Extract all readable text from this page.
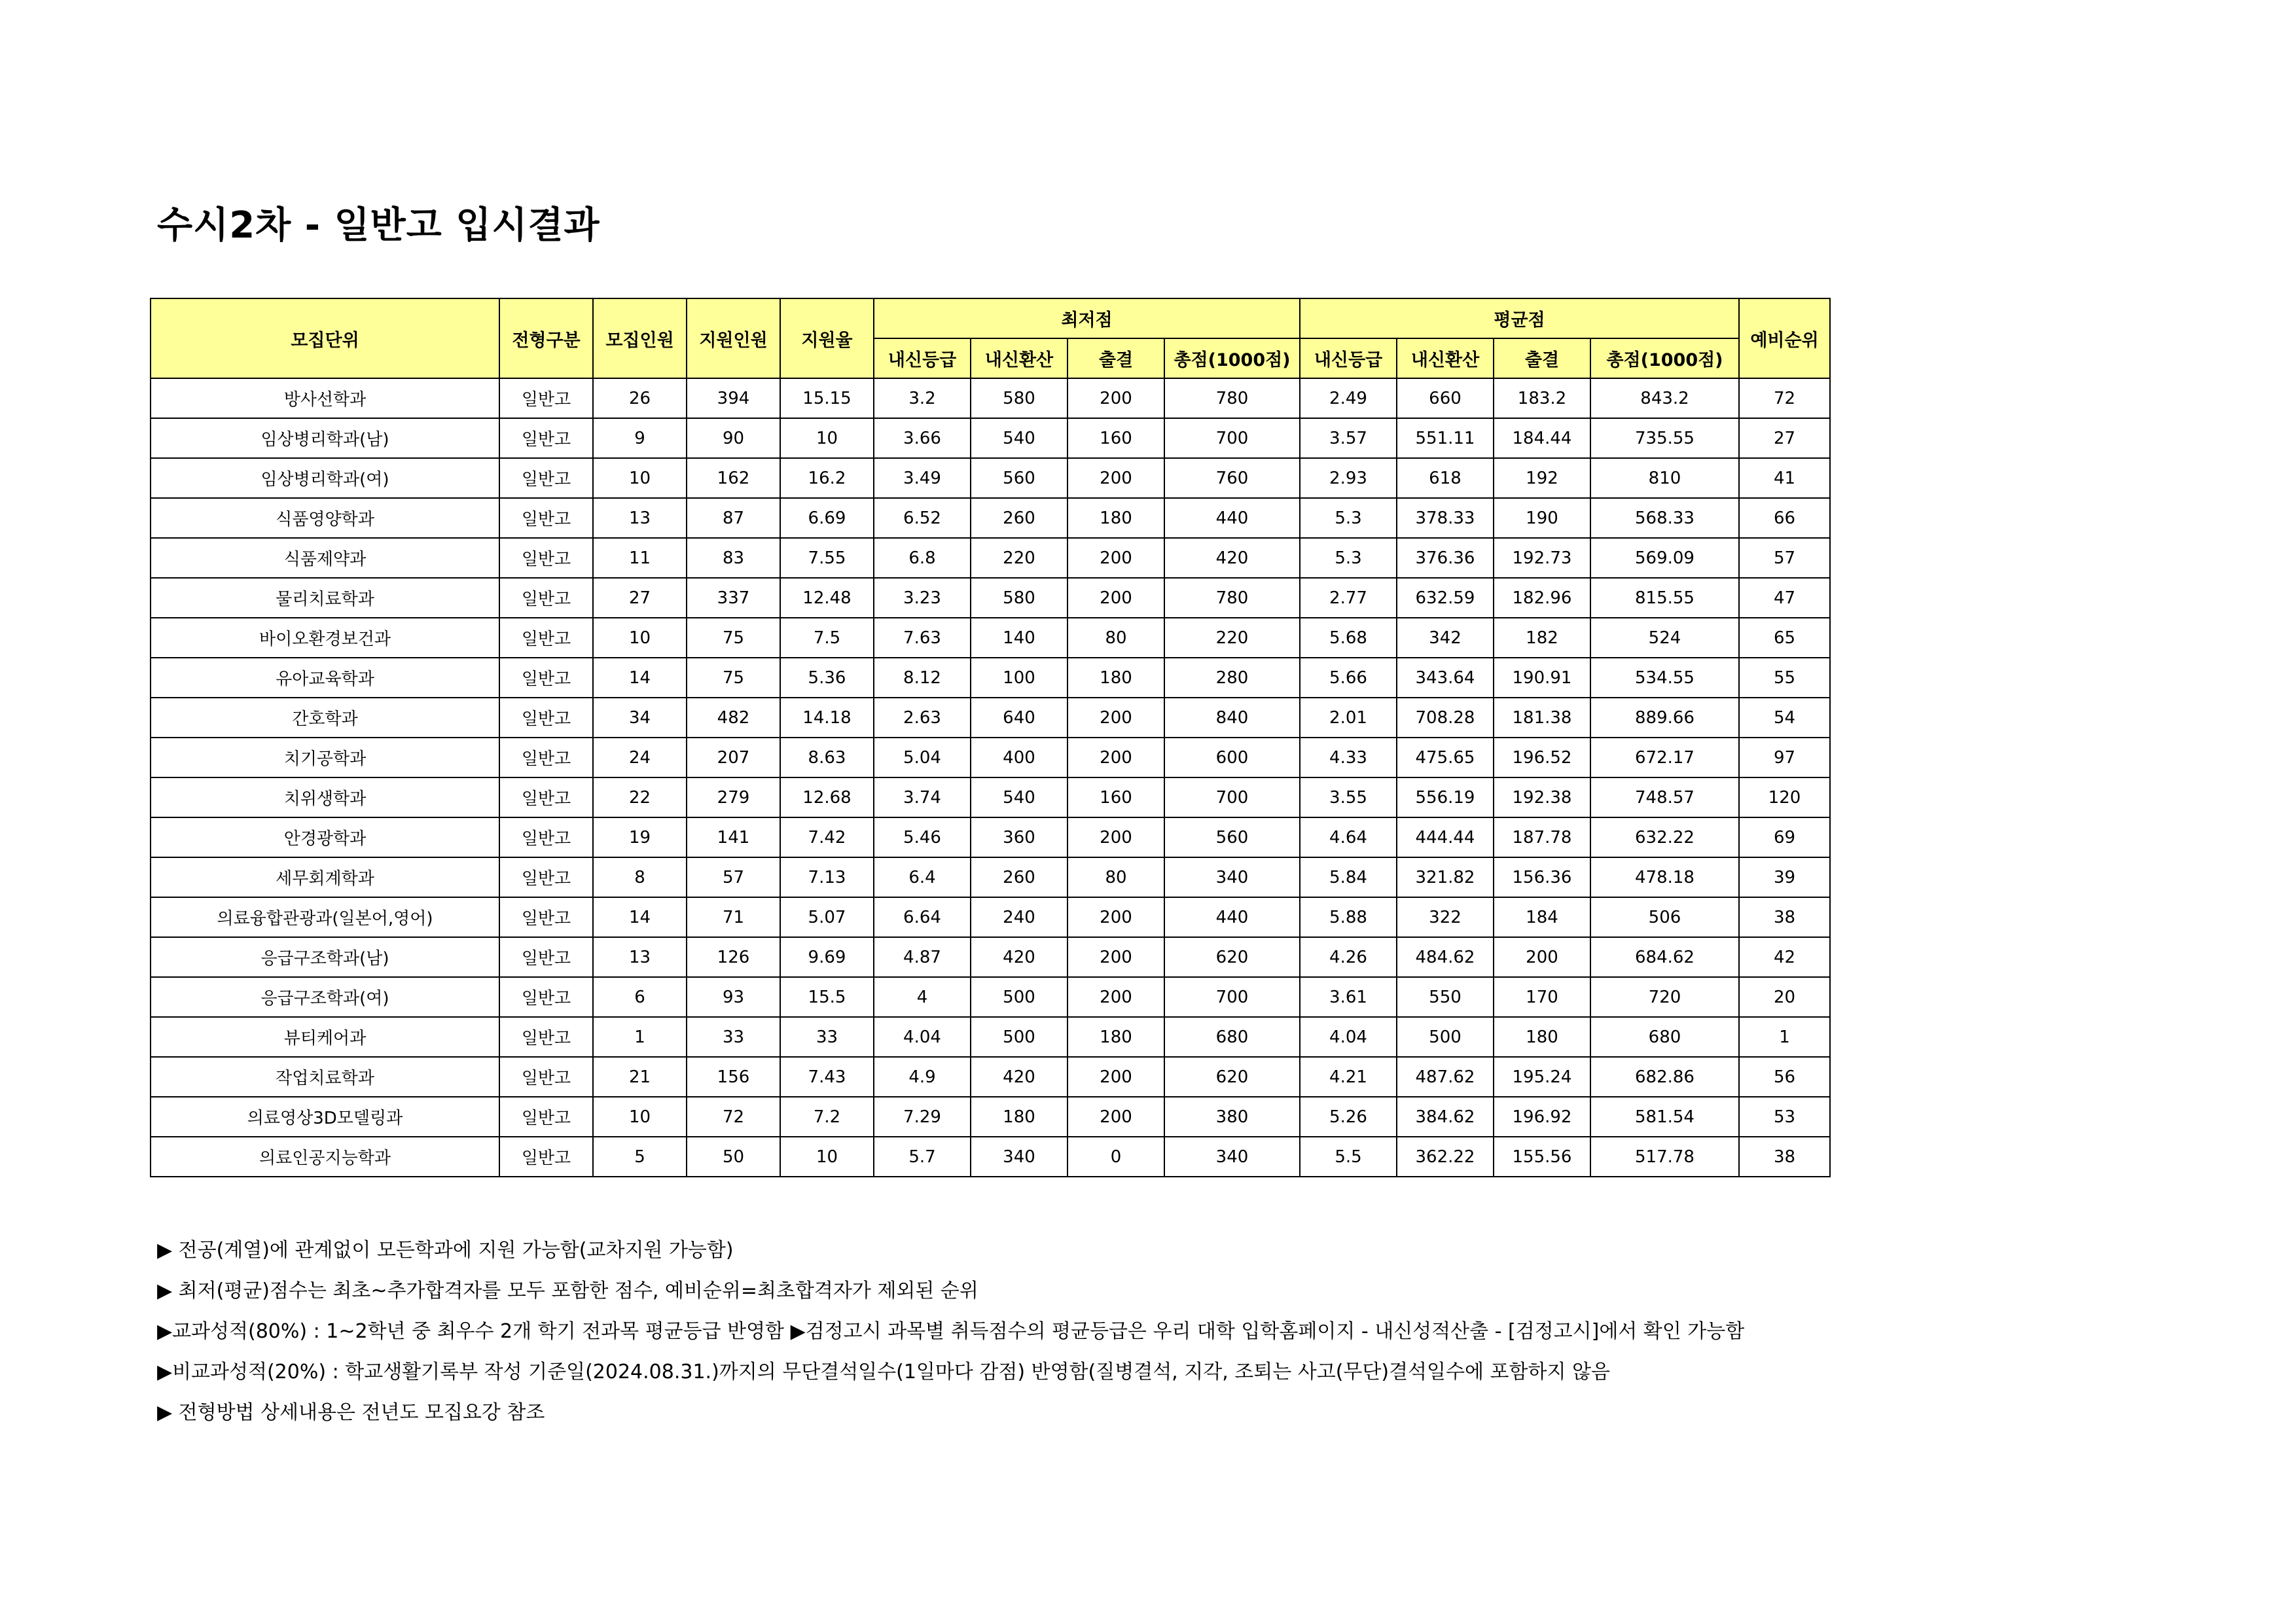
수시2차 - 일반고 입시결과
모집단위	전형구분	모집인원	지원인원	지원율	최저점				평균점				예비순위
					내신등급	내신환산	출결	총점(1000점)	내신등급	내신환산	출결	총점(1000점)	
방사선학과	일반고	26	394	15.15	3.2	580	200	780	2.49	660	183.2	843.2	72
임상병리학과(남)	일반고	9	90	10	3.66	540	160	700	3.57	551.11	184.44	735.55	27
임상병리학과(여)	일반고	10	162	16.2	3.49	560	200	760	2.93	618	192	810	41
식품영양학과	일반고	13	87	6.69	6.52	260	180	440	5.3	378.33	190	568.33	66
식품제약과	일반고	11	83	7.55	6.8	220	200	420	5.3	376.36	192.73	569.09	57
물리치료학과	일반고	27	337	12.48	3.23	580	200	780	2.77	632.59	182.96	815.55	47
바이오환경보건과	일반고	10	75	7.5	7.63	140	80	220	5.68	342	182	524	65
유아교육학과	일반고	14	75	5.36	8.12	100	180	280	5.66	343.64	190.91	534.55	55
간호학과	일반고	34	482	14.18	2.63	640	200	840	2.01	708.28	181.38	889.66	54
치기공학과	일반고	24	207	8.63	5.04	400	200	600	4.33	475.65	196.52	672.17	97
치위생학과	일반고	22	279	12.68	3.74	540	160	700	3.55	556.19	192.38	748.57	120
안경광학과	일반고	19	141	7.42	5.46	360	200	560	4.64	444.44	187.78	632.22	69
세무회계학과	일반고	8	57	7.13	6.4	260	80	340	5.84	321.82	156.36	478.18	39
의료융합관광과(일본어,영어)	일반고	14	71	5.07	6.64	240	200	440	5.88	322	184	506	38
응급구조학과(남)	일반고	13	126	9.69	4.87	420	200	620	4.26	484.62	200	684.62	42
응급구조학과(여)	일반고	6	93	15.5	4	500	200	700	3.61	550	170	720	20
뷰티케어과	일반고	1	33	33	4.04	500	180	680	4.04	500	180	680	1
작업치료학과	일반고	21	156	7.43	4.9	420	200	620	4.21	487.62	195.24	682.86	56
의료영상3D모델링과	일반고	10	72	7.2	7.29	180	200	380	5.26	384.62	196.92	581.54	53
의료인공지능학과	일반고	5	50	10	5.7	340	0	340	5.5	362.22	155.56	517.78	38
▶ 전공(계열)에 관계없이 모든학과에 지원 가능함(교차지원 가능함)
▶ 최저(평균)점수는 최초~추가합격자를 모두 포함한 점수, 예비순위=최초합격자가 제외된 순위
▶교과성적(80%) : 1~2학년 중 최우수 2개 학기 전과목 평균등급 반영함 ▶검정고시 과목별 취득점수의 평균등급은 우리 대학 입학홈페이지 - 내신성적산출 - [검정고시]에서 확인 가능함
▶비교과성적(20%) : 학교생활기록부 작성 기준일(2024.08.31.)까지의 무단결석일수(1일마다 감점) 반영함(질병결석, 지각, 조퇴는 사고(무단)결석일수에 포함하지 않음
▶ 전형방법 상세내용은 전년도 모집요강 참조
